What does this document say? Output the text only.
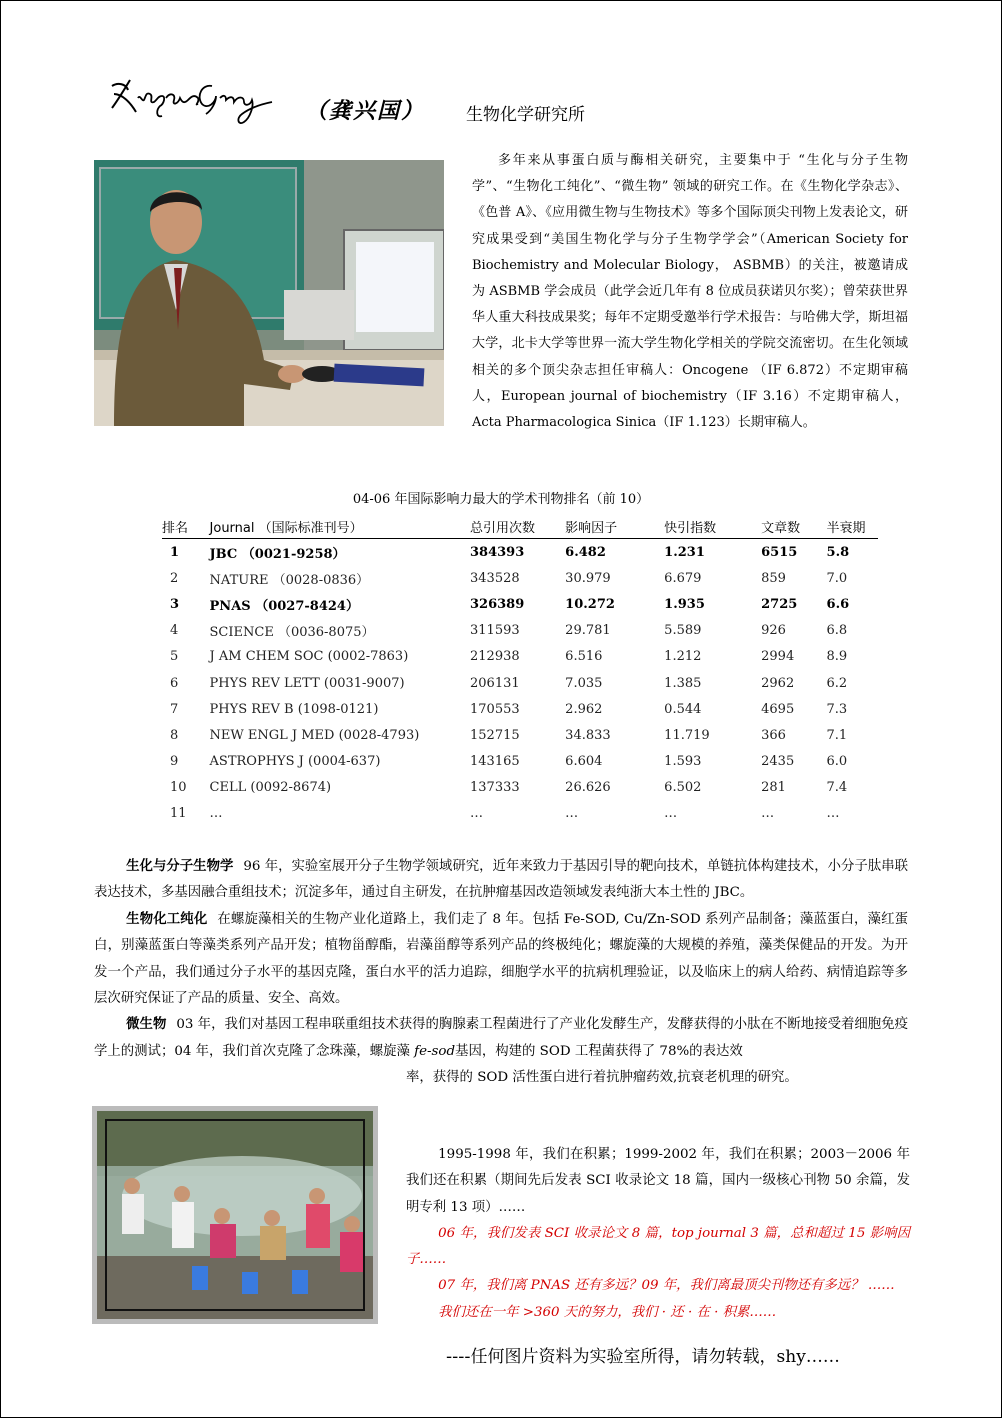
（龚兴国） 生物化学研究所

多年来从事蛋白质与酶相关研究，主要集中于 “生化与分子生物学”、“生物化工纯化”、“微生物” 领域的研究工作。在《生物化学杂志》、《色普 A》、《应用微生物与生物技术》等多个国际顶尖刊物上发表论文，研究成果受到“美国生物化学与分子生物学学会”（American Society for Biochemistry and Molecular Biology， ASBMB）的关注，被邀请成为 ASBMB 学会成员（此学会近几年有 8 位成员获诺贝尔奖）；曾荣获世界华人重大科技成果奖；每年不定期受邀举行学术报告：与哈佛大学，斯坦福大学，北卡大学等世界一流大学生物化学相关的学院交流密切。在生化领域相关的多个顶尖杂志担任审稿人：Oncogene （IF 6.872）不定期审稿人，European journal of biochemistry（IF 3.16）不定期审稿人，Acta Pharmacologica Sinica（IF 1.123）长期审稿人。

04-06 年国际影响力最大的学术刊物排名（前 10）
排名	Journal （国际标准刊号）	总引用次数	影响因子	快引指数	文章数	半衰期
1	JBC （0021-9258）	384393	6.482	1.231	6515	5.8
2	NATURE （0028-0836）	343528	30.979	6.679	859	7.0
3	PNAS （0027-8424）	326389	10.272	1.935	2725	6.6
4	SCIENCE （0036-8075）	311593	29.781	5.589	926	6.8
5	J AM CHEM SOC (0002-7863)	212938	6.516	1.212	2994	8.9
6	PHYS REV LETT (0031-9007)	206131	7.035	1.385	2962	6.2
7	PHYS REV B (1098-0121)	170553	2.962	0.544	4695	7.3
8	NEW ENGL J MED (0028-4793)	152715	34.833	11.719	366	7.1
9	ASTROPHYS J (0004-637)	143165	6.604	1.593	2435	6.0
10	CELL (0092-8674)	137333	26.626	6.502	281	7.4
11	…	…	…	…	…	…

生化与分子生物学 96 年，实验室展开分子生物学领域研究，近年来致力于基因引导的靶向技术，单链抗体构建技术，小分子肽串联表达技术，多基因融合重组技术；沉淀多年，通过自主研发，在抗肿瘤基因改造领域发表纯浙大本土性的 JBC。

生物化工纯化 在螺旋藻相关的生物产业化道路上，我们走了 8 年。包括 Fe-SOD, Cu/Zn-SOD 系列产品制备；藻蓝蛋白，藻红蛋白，别藻蓝蛋白等藻类系列产品开发；植物甾醇酯，岩藻甾醇等系列产品的终极纯化；螺旋藻的大规模的养殖，藻类保健品的开发。为开发一个产品，我们通过分子水平的基因克隆，蛋白水平的活力追踪，细胞学水平的抗病机理验证，以及临床上的病人给药、病情追踪等多层次研究保证了产品的质量、安全、高效。

微生物 03 年，我们对基因工程串联重组技术获得的胸腺素工程菌进行了产业化发酵生产，发酵获得的小肽在不断地接受着细胞免疫学上的测试；04 年，我们首次克隆了念珠藻，螺旋藻 fe-sod基因，构建的 SOD 工程菌获得了 78%的表达效

率，获得的 SOD 活性蛋白进行着抗肿瘤药效,抗衰老机理的研究。

1995-1998 年，我们在积累；1999-2002 年，我们在积累；2003－2006 年我们还在积累（期间先后发表 SCI 收录论文 18 篇，国内一级核心刊物 50 余篇，发明专利 13 项）……

06 年，我们发表 SCI 收录论文 8 篇，top journal 3 篇，总和超过 15 影响因子……

07 年，我们离 PNAS 还有多远？09 年，我们离最顶尖刊物还有多远？ ……

我们还在一年 >360 天的努力，我们 · 还 · 在 · 积累……

----任何图片资料为实验室所得，请勿转载，shy……
